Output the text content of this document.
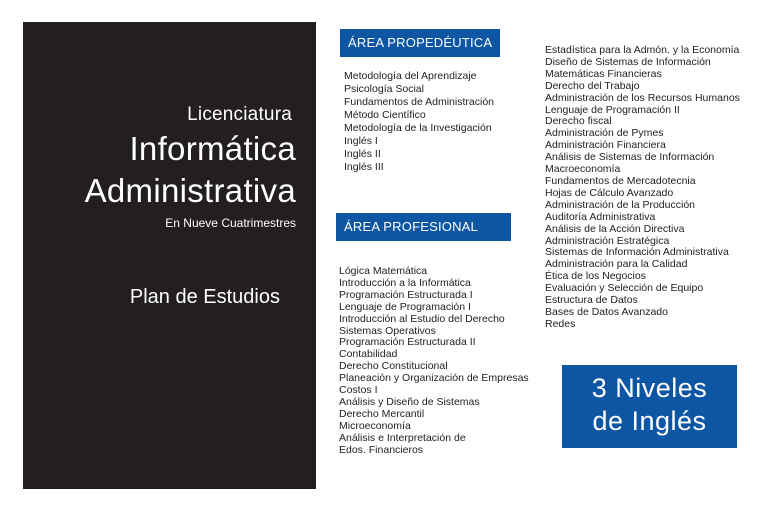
Licenciatura
Informática
Administrativa
En Nueve Cuatrimestres
Plan de Estudios
ÁREA PROPEDÉUTICA
Metodología del Aprendizaje
Psicología Social
Fundamentos de Administración
Método Científico
Metodología de la Investigación
Inglés I
Inglés II
Inglés III
ÁREA PROFESIONAL
Lógica Matemática
Introducción a la Informática
Programación Estructurada I
Lenguaje de Programación I
Introducción al Estudio del Derecho
Sistemas Operativos
Programación Estructurada II
Contabilidad
Derecho Constitucional
Planeación y Organización de Empresas
Costos I
Análisis y Diseño de Sistemas
Derecho Mercantil
Microeconomía
Análisis e Interpretación de
Edos. Financieros
Estadística para la Admón. y la Economía
Diseño de Sistemas de Información
Matemáticas Financieras
Derecho del Trabajo
Administración de los Recursos Humanos
Lenguaje de Programación II
Derecho fiscal
Administración de Pymes
Administración Financiera
Análisis de Sistemas de Información
Macroeconomía
Fundamentos de Mercadotecnia
Hojas de Cálculo Avanzado
Administración de la Producción
Auditoría Administrativa
Análisis de la Acción Directiva
Administración Estratégica
Sistemas de Información Administrativa
Administración para la Calidad
Ética de los Negocios
Evaluación y Selección de Equipo
Estructura de Datos
Bases de Datos Avanzado
Redes
3 Niveles
de Inglés
